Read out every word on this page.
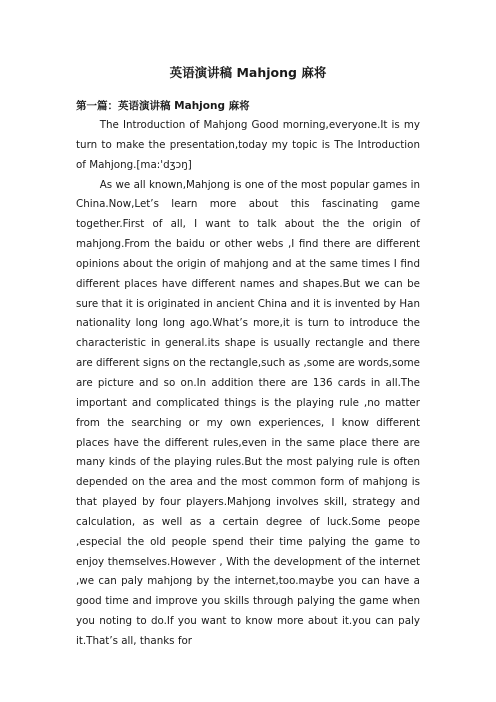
英语演讲稿 Mahjong 麻将
第一篇：英语演讲稿 Mahjong 麻将

The Introduction of Mahjong Good morning,everyone.It is my turn to make the presentation,today my topic is The Introduction of Mahjong.[ma:'dʒɔŋ]

As we all known,Mahjong is one of the most popular games in China.Now,Let’s learn more about this fascinating game together.First of all, I want to talk about the the origin of mahjong.From the baidu or other webs ,I find there are different opinions about the origin of mahjong and at the same times I find different places have different names and shapes.But we can be sure that it is originated in ancient China and it is invented by Han nationality long long ago.What’s more,it is turn to introduce the characteristic in general.its shape is usually rectangle and there are different signs on the rectangle,such as ,some are words,some are picture and so on.In addition there are 136 cards in all.The important and complicated things is the playing rule ,no matter from the searching or my own experiences, I know different places have the different rules,even in the same place there are many kinds of the playing rules.But the most palying rule is often depended on the area and the most common form of mahjong is that played by four players.Mahjong involves skill, strategy and calculation, as well as a certain degree of luck.Some peope ,especial the old people spend their time palying the game to enjoy themselves.However , With the development of the internet ,we can paly mahjong by the internet,too.maybe you can have a good time and improve you skills through palying the game when you noting to do.If you want to know more about it.you can paly it.That’s all, thanks for
